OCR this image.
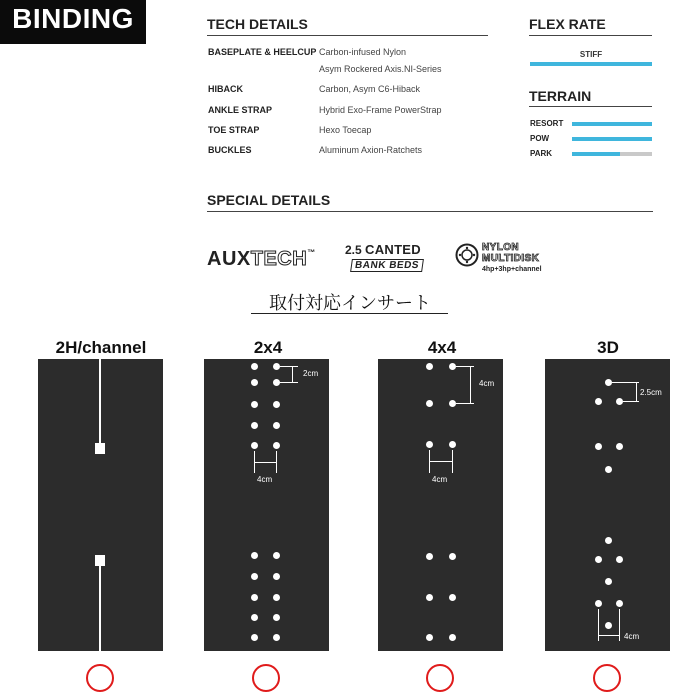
BINDING	TECH DETAILS
BASEPLATE & HEELCUP Carbon-infused Nylon
Asym Rockered Axis.NI-Series
HIBACK	Carbon, Asym C6-Hiback
ANKLE STRAP	Hybrid Exo-Frame PowerStrap
TOE STRAP	Hexo Toecap
BUCKLES	Aluminum Axion-Ratchets
FLEX RATE
STIFF
TERRAIN
RESORT
POW
PARK
SPECIAL DETAILS
AUXTECH™ 2.5 CANTED
BANK BEDS
NYLON
MULTIDISK
4hp+3hp+channel
取付対応インサート
2H/channel	2x4	4x4	3D
2cm
4cm
4cm
4cm
2.5cm
4cm
